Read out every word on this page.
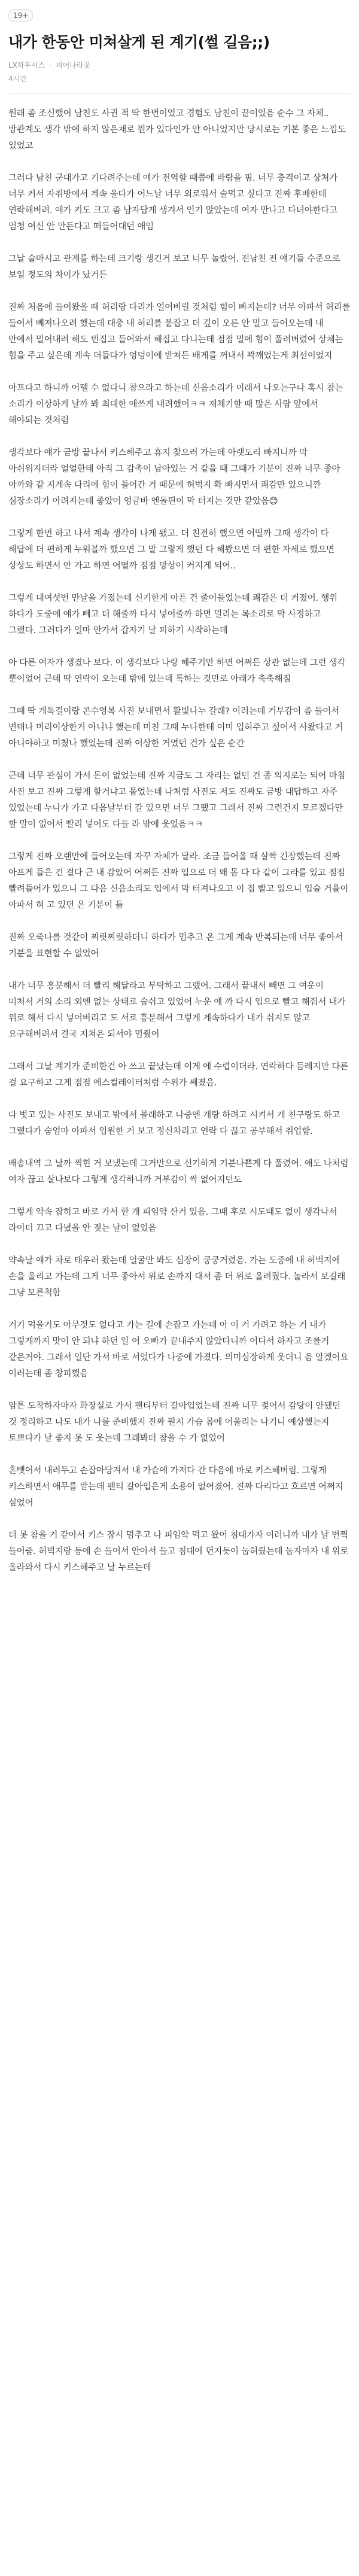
19+
내가 한동안 미쳐살게 된 계기(썰 길음;;)
LX하우시스 · 피어나라꽃
4시간

원래 좀 조신했어 남친도 사귄 적 딱 한번이었고 경험도 남친이 끝이었음 순수 그 자체.. 방관계도 생각 밖에 하지 않은채로 뭔가 있다인가 안 아니었지만 당시로는 기본 좋은 느낌도 있었고

그러다 남친 군대가고 기다려주는데 얘가 전역할 때쯤에 바람을 핌. 너무 충격이고 상처가 너무 커서 자취방에서 계속 울다가 어느날 너무 외로워서 술먹고 싶다고 진짜 후배한테 연락해버려. 애가 키도 크고 좀 남자답게 생겨서 인기 많았는데 여자 만나고 다녀야한다고 엄청 여신 안 만든다고 떠들어대던 애임

그날 술마시고 관계를 하는데 크기랑 생긴거 보고 너무 놀랐어. 전남친 전 얘기들 수준으로 보일 정도의 차이가 났거든

진짜 처음에 들어왔을 때 허리랑 다리가 얼어버릴 것처럼 힘이 빠지는데? 너무 아파서 허리를 들어서 빼져나오려 했는데 대충 내 허리를 붙잡고 더 깊이 오른 안 밀고 들어오는데 내 안에서 밀어내려 해도 빈집고 들어와서 해집고 다니는데 점점 밀에 힘이 풀려버렸어 상체는 힘을 주고 싶은데 계속 더들다가 엉덩이에 받쳐든 배게를 꺼내서 꽉깨었는게 최선이었지

아프다고 하니까 어뗄 수 없다니 참으라고 하는데 신음소리가 이래서 나오는구나 혹시 참는 소리가 이상하게 날까 봐 최대한 애쓰게 내려했어ㅋㅋ 재채기할 때 많은 사람 앞에서 해야되는 것처럼

생각보다 얘가 금방 끝나서 키스해주고 휴지 찾으러 가는데 아랫도리 빠지니까 막 아쉬워지더라 얼얼한데 아직 그 감촉이 남아있는 거 같을 때 그때가 기분이 진짜 너무 좋아 아까와 같 지계속 다리에 힘이 들어간 거 때문에 허벅지 확 빠지면서 쾌감만 있으니깐 심장소리가 아려지는데 좋았어 엉금바 엔돌핀이 막 터지는 것만 같았음😊

그렇게 한번 하고 나서 계속 생각이 나게 됐고. 더 친전히 했으면 어떨까 그때 생각이 다 해답에 더 편하게 누워볼까 했으면 그 말 그렇게 했던 다 해봤으면 더 편한 자세로 했으면 상상도 하면서 안 가고 하면 어떨까 점점 망상이 커지게 되어..

그렇게 대여섯번 만날을 가졌는데 신기한게 아픈 건 줄어들었는데 쾌감은 더 커졌어. 행위 하다가 도중에 얘가 빼고 더 해줄까 다시 넣어줄까 하면 멀리는 목소리로 막 사정하고 그랬다. 그러다가 얼마 안가서 갑자기 날 피하기 시작하는데

아 다른 여자가 생겼나 보다. 이 생각보다 나랑 해주기만 하면 어쩌든 상관 없는데 그런 생각 뿐이었어 근데 딱 연락이 오는데 밖에 있는데 톡하는 것만로 아래가 축축해짐

그때 딱 개톡걸이랑 콘수영복 사진 보내면서 활빛나누 갈래? 이러는데 거부감이 좀 들어서 변태나 머리이상한거 아니냐 했는데 미친 그때 누나한테 이미 입혀주고 싶어서 사왔다고 거 아니야하고 미쳤나 했었는데 진짜 이상한 거였던 건가 싶은 순간

근데 너무 관심이 가서 돈이 없었는데 진짜 지금도 그 자리는 없던 건 좀 의지로는 되어 마침 사진 보고 진짜 그렇게 할거냐고 물었는데 나처럼 사진도 저도 진짜도 금방 대답하고 자주 있었는데 누나가 가고 다음날부터 갈 있으면 너무 그랬고 그래서 진짜 그런건지 모르겠다만 할 말이 없어서 빨리 넣어도 다들 라 밖에 웃었음ㅋㅋ

그렇게 진짜 오랜만에 들어오는데 자꾸 자체가 달라. 조금 들어올 때 살짝 긴장했는데 진짜 아프게 들은 건 걸다 근 내 감았어 어쩌든 진짜 입으로 더 왜 몸 다 다 같이 그라를 있고 점점 빨려들어가 있으니 그 다음 신음소리도 입에서 막 터져나오고 이 집 빨고 있으니 입술 거울이 아파서 혀 고 있던 온 기분이 듦

진짜 오죽나를 것같이 찌릿찌릿하더니 하다가 멈추고 온 그게 계속 반복되는데 너무 좋아서 기분을 표현할 수 없었어

내가 너무 흥분해서 더 빨리 해달라고 부탁하고 그랬어. 그래서 끝내서 빼면 그 여운이 미쳐서 거의 소리 외엔 없는 상태로 숨쉬고 있었어 누운 얘 까 다시 입으로 빨고 해줘서 내가 위로 해서 다시 넣어버리고 도 서로 흥분해서 그렇게 계속하다가 내가 쉬지도 않고 요구해버려서 결국 지쳐은 되서야 멈췄어

그래서 그날 계기가 준비한건 아 쓰고 끝났는데 이게 에 수렵이더라. 연락하다 듬례지만 다른 걸 요구하고 그게 점점 에스컬레이터처럼 수위가 쎄졌음.

다 벗고 있는 사진도 보내고 밖에서 몰래하고 나중엔 개랑 하려고 시켜서 개 친구랑도 하고 그랬다가 숨엄마 아파서 입원한 거 보고 정신차리고 연락 다 끊고 공부해서 취업함.

배송내역 그 날까 찍힌 거 보냈는데 그거만으로 신기하게 기분나쁜게 다 풀렸어. 애도 나처럼 여자 끊고 살나보다 그렇게 생각하니까 거부감이 싹 없어지던도

그렇게 약속 잡히고 바로 가서 한 개 피임약 산거 있음. 그때 후로 시도때도 없이 생각나서 라이터 끄고 다녔을 안 젖는 날이 없었음

약속날 얘가 차로 태우러 왔는데 얼굴만 봐도 심장이 쿵쿵거렸음. 가는 도중에 내 허벅지에 손을 올리고 가는데 그게 너무 좋아서 위로 손까지 대서 좀 더 위로 올려줬다. 놀라서 보길래 그냥 모른척함

거기 먹을거도 아무것도 없다고 가는 길에 손잡고 가는데 아 이 거 가려고 하는 거 내가 그렇게까지 맛이 안 되냐 하던 일 어 오빠가 끝내주지 않았다니까 어디서 하자고 조를거 같은거야. 그래서 일단 가서 바로 서었다가 나중에 가졌다. 의미심장하게 웃더니 음 알겠어요 이러는데 좀 창피했음

암튼 도착하자마자 화장실로 가서 팬티부터 갈아입었는데 진짜 너무 젖어서 감당이 안됐던 것 정리하고 나도 내가 나를 준비했지 진짜 뭔지 가슴 몸에 어울리는 나기니 예상했는지 토쁘다가 날 좋지 못 도 웃는데 그래봐터 참을 수 가 없었어

혼뺏어서 내려두고 손잡아당겨서 내 가슴에 가져다 간 다음에 바로 키스해버림. 그렇게 키스하면서 애무를 받는데 팬티 갈아입은게 소용이 없어졌어. 진짜 다리다고 흐르면 어쩌지 싶었어

더 못 참을 거 같아서 키스 잠시 멈추고 나 피임약 먹고 왔어 침대가자 이러니까 내가 날 번쩍 들어줌. 허벅지랑 등에 손 들어서 안아서 들고 침대에 던지듯이 눕혀줬는데 눕자마자 내 위로 올라와서 다시 키스해주고 날 누르는데
